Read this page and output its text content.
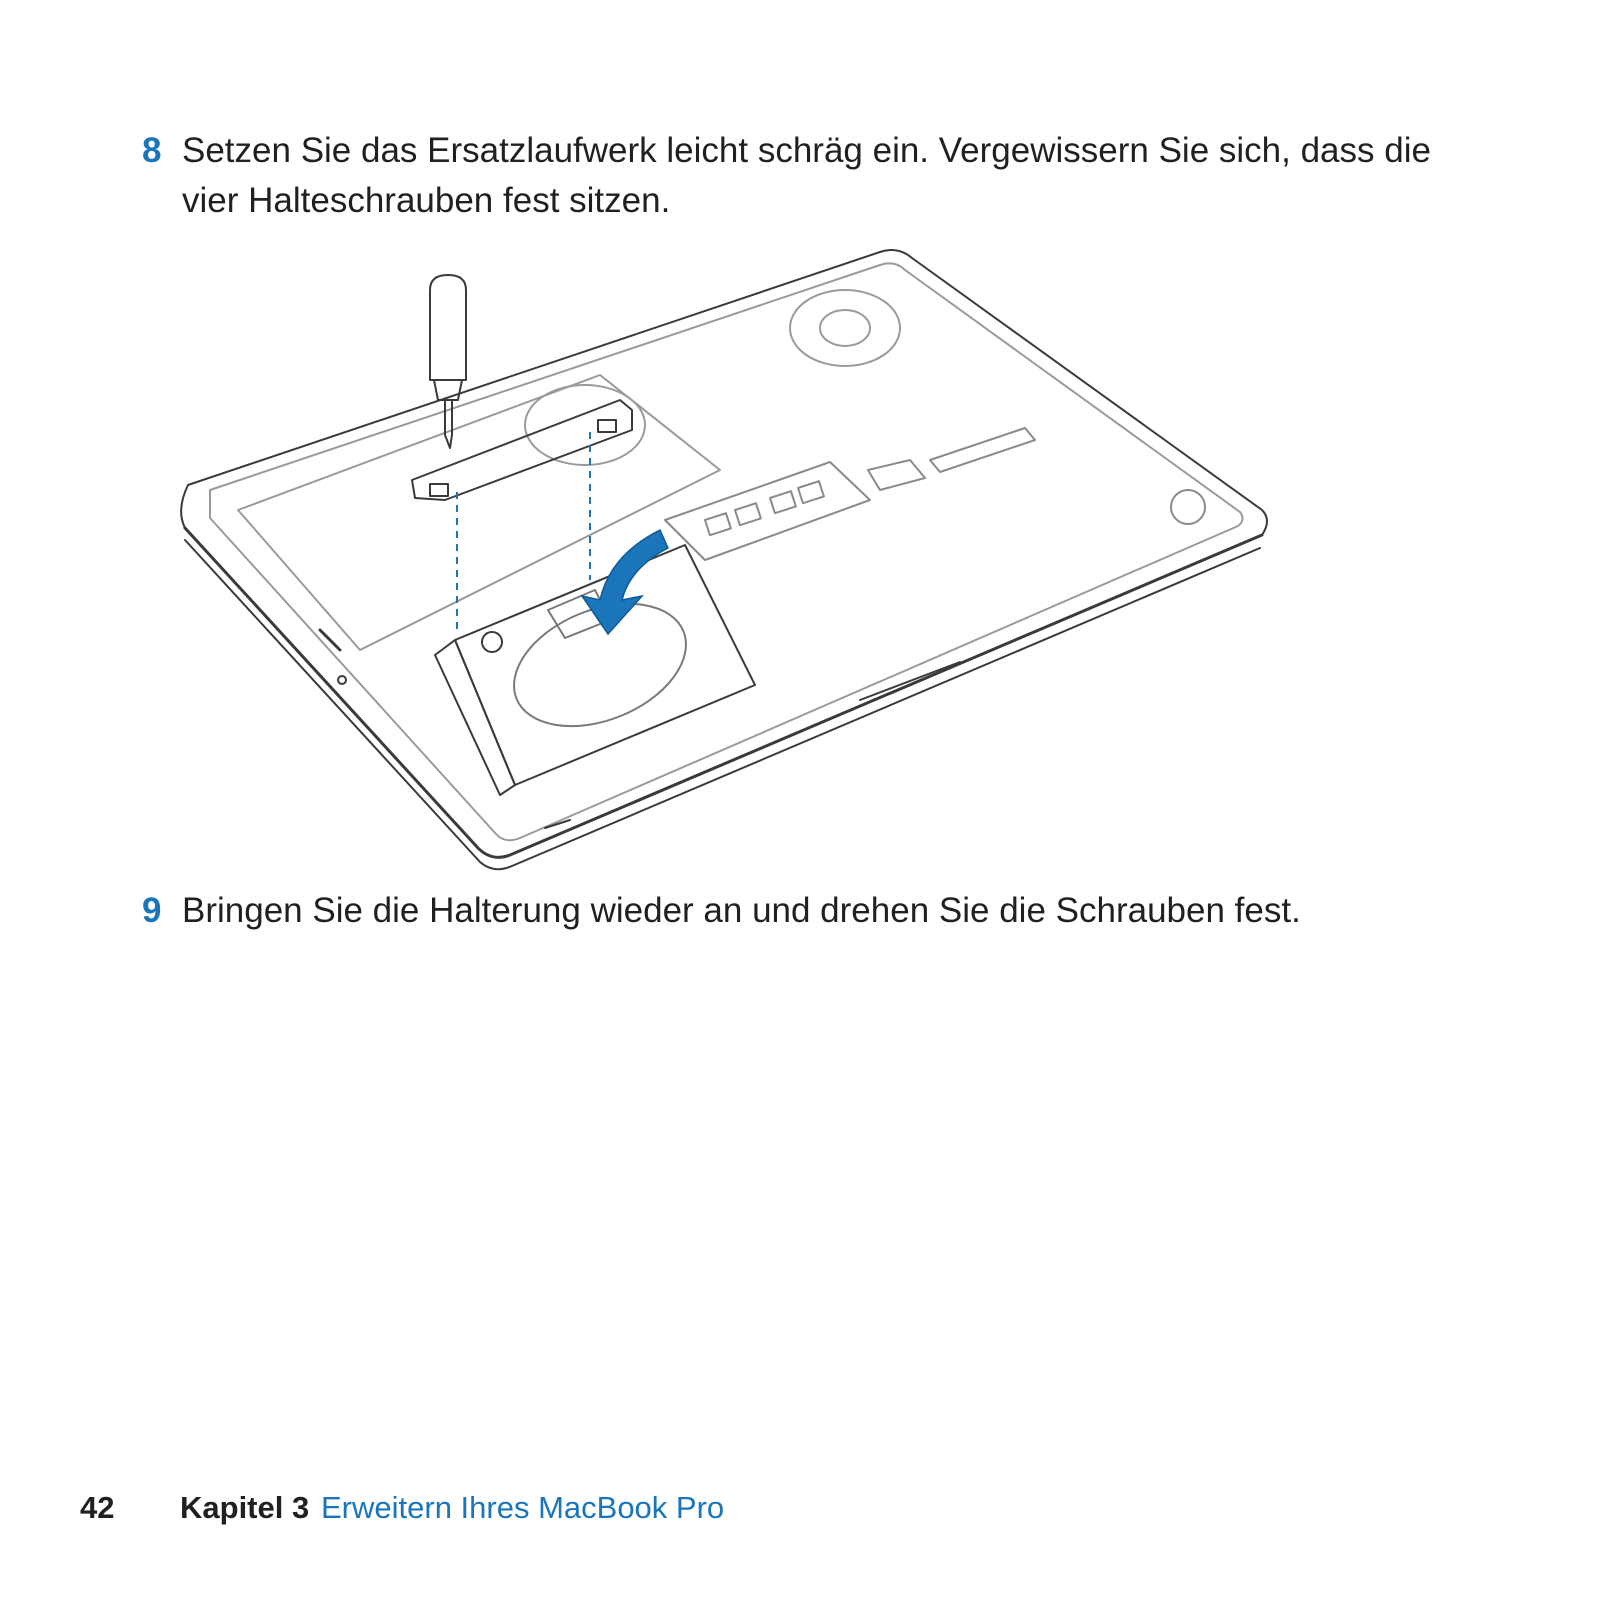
8 Setzen Sie das Ersatzlaufwerk leicht schräg ein. Vergewissern Sie sich, dass die vier Halteschrauben fest sitzen.
9 Bringen Sie die Halterung wieder an und drehen Sie die Schrauben fest.
42 Kapitel 3 Erweitern Ihres MacBook Pro
